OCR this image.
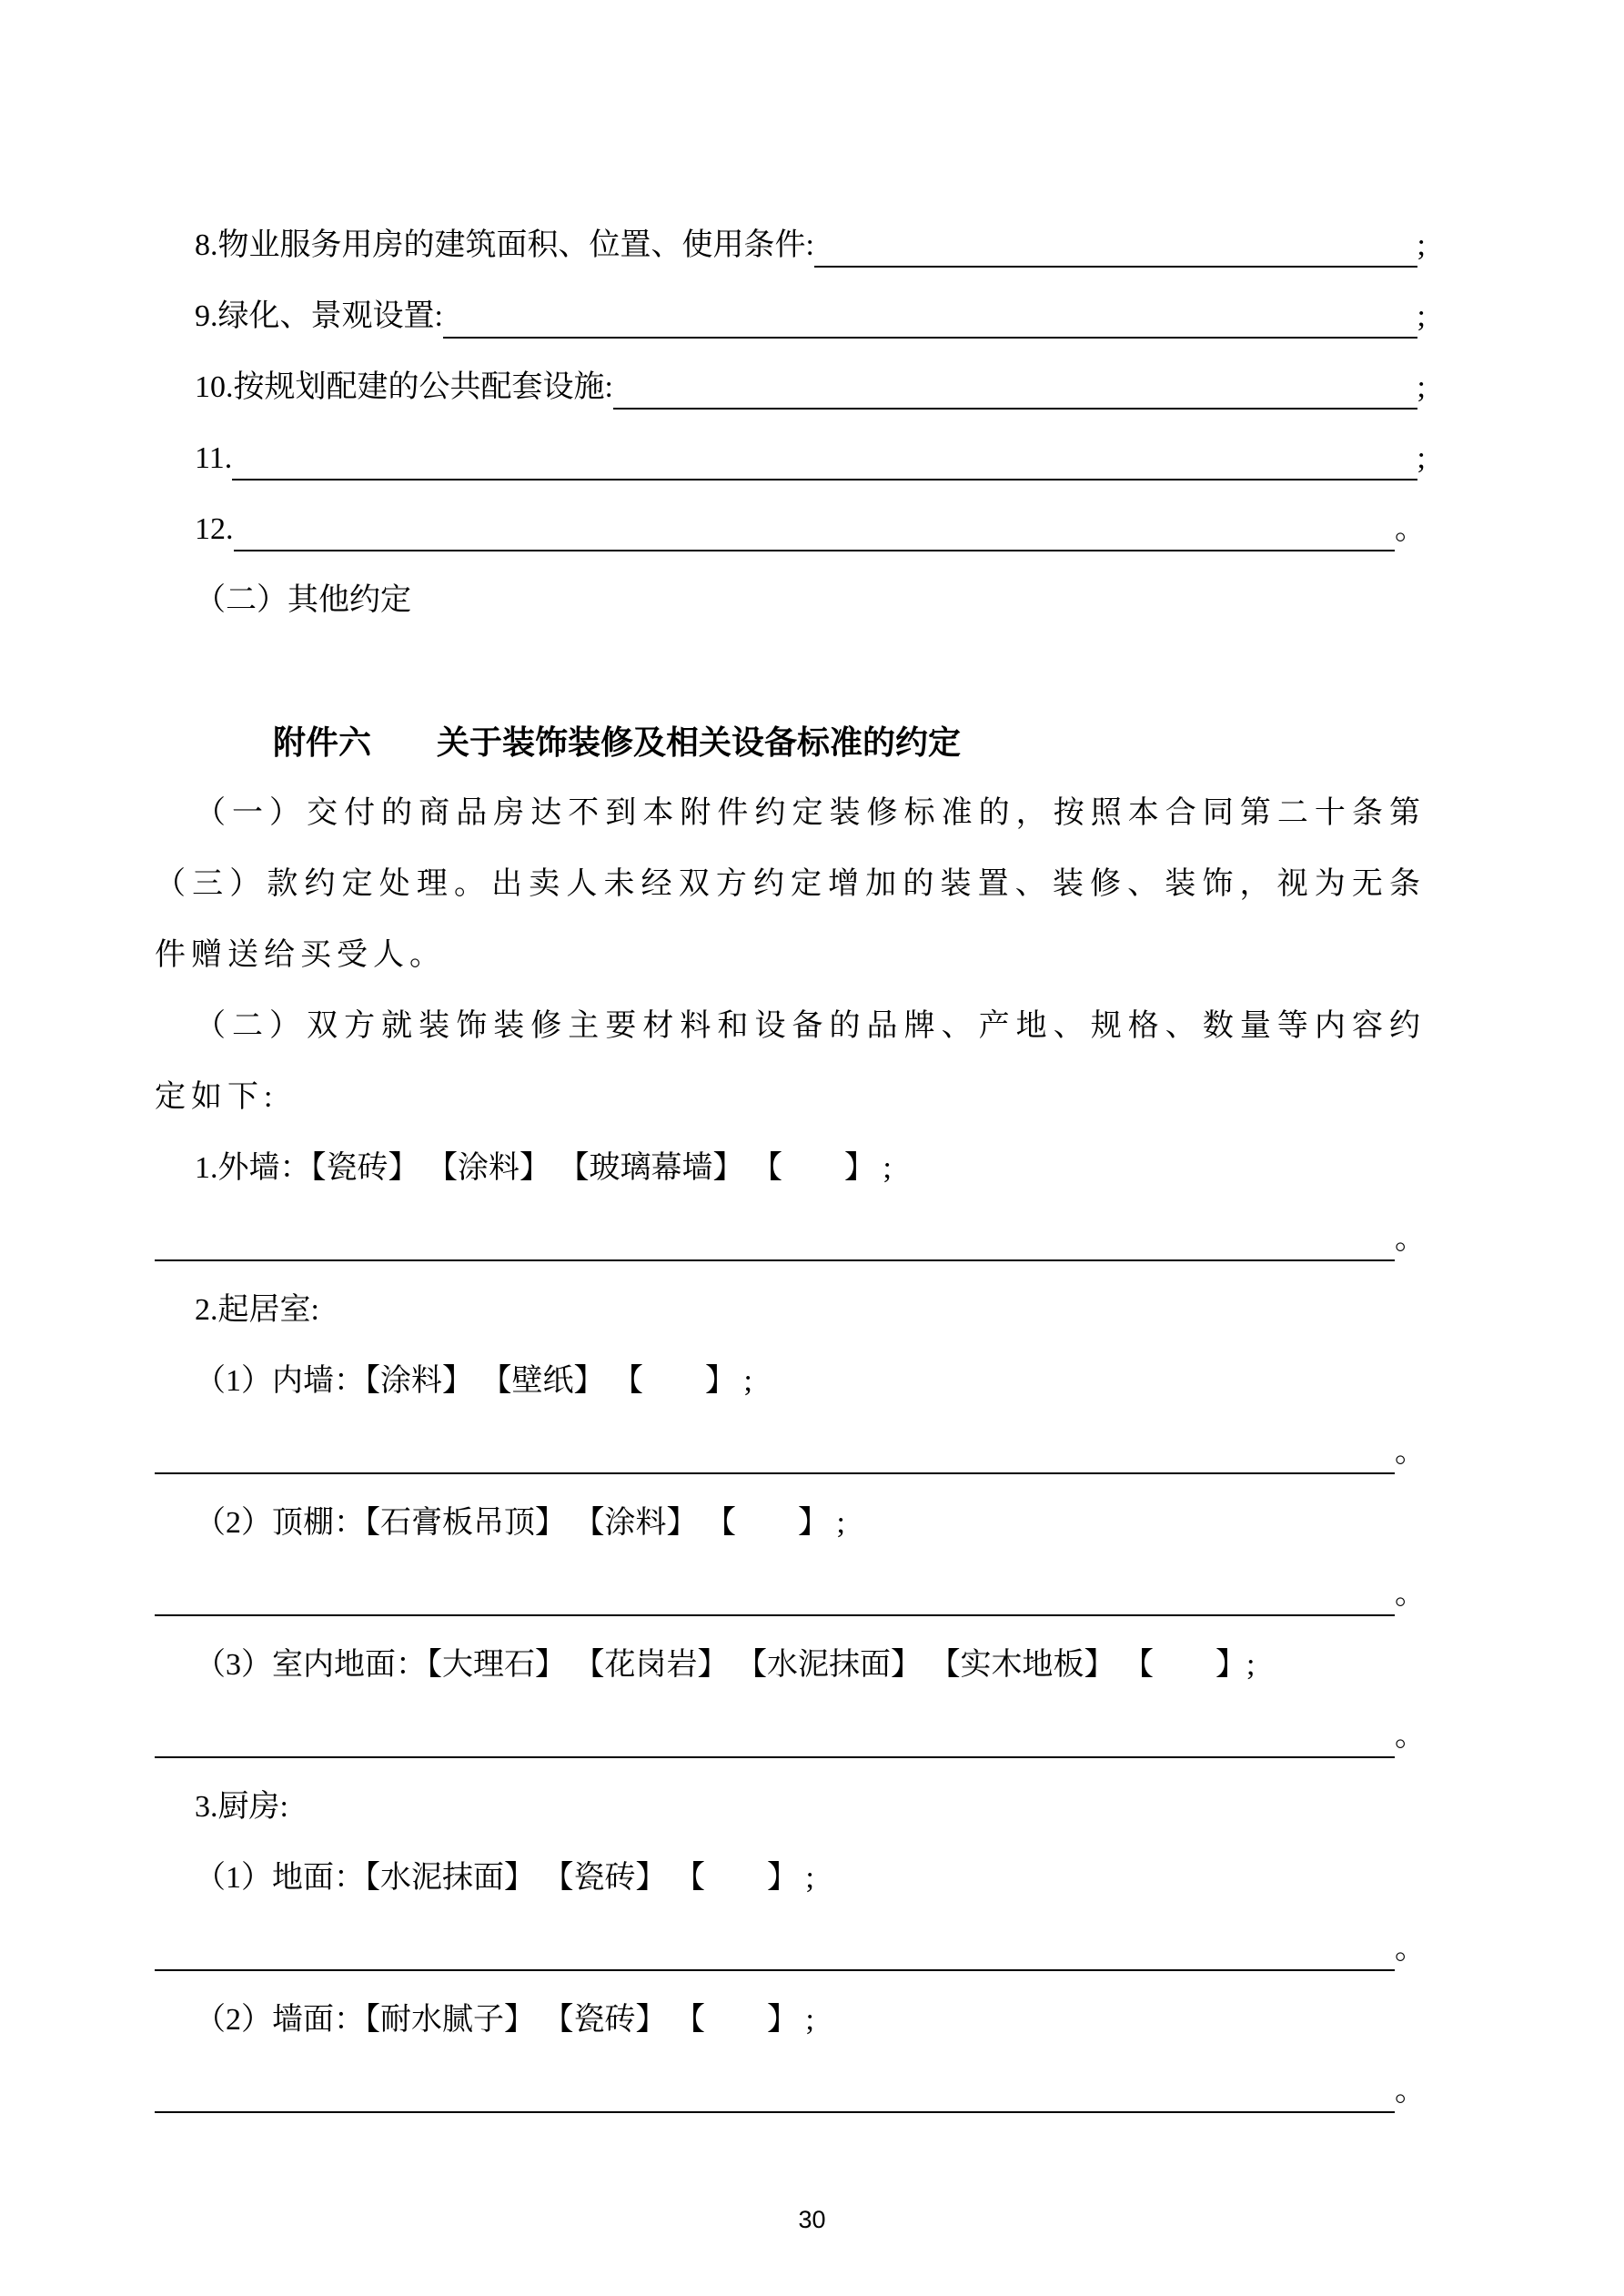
8.物业服务用房的建筑面积、位置、使用条件:	;
9.绿化、景观设置:	;
10.按规划配建的公共配套设施:	;
11.	;
12.	。
（二）其他约定
附件六　　关于装饰装修及相关设备标准的约定

（一）交付的商品房达不到本附件约定装修标准的，按照本合同第二十条第（三）款约定处理。出卖人未经双方约定增加的装置、装修、装饰，视为无条件赠送给买受人。

（二）双方就装饰装修主要材料和设备的品牌、产地、规格、数量等内容约定如下:

1.外墙：【瓷砖】 【涂料】 【玻璃幕墙】 【　　】 ;
。
2.起居室:
（1）内墙：【涂料】 【壁纸】 【　　】 ;
。
（2）顶棚：【石膏板吊顶】 【涂料】 【　　】 ;
。
（3）室内地面：【大理石】 【花岗岩】 【水泥抹面】 【实木地板】 【　　】;
。
3.厨房:
（1）地面：【水泥抹面】 【瓷砖】 【　　】 ;
。
（2）墙面：【耐水腻子】 【瓷砖】 【　　】 ;
。
30
